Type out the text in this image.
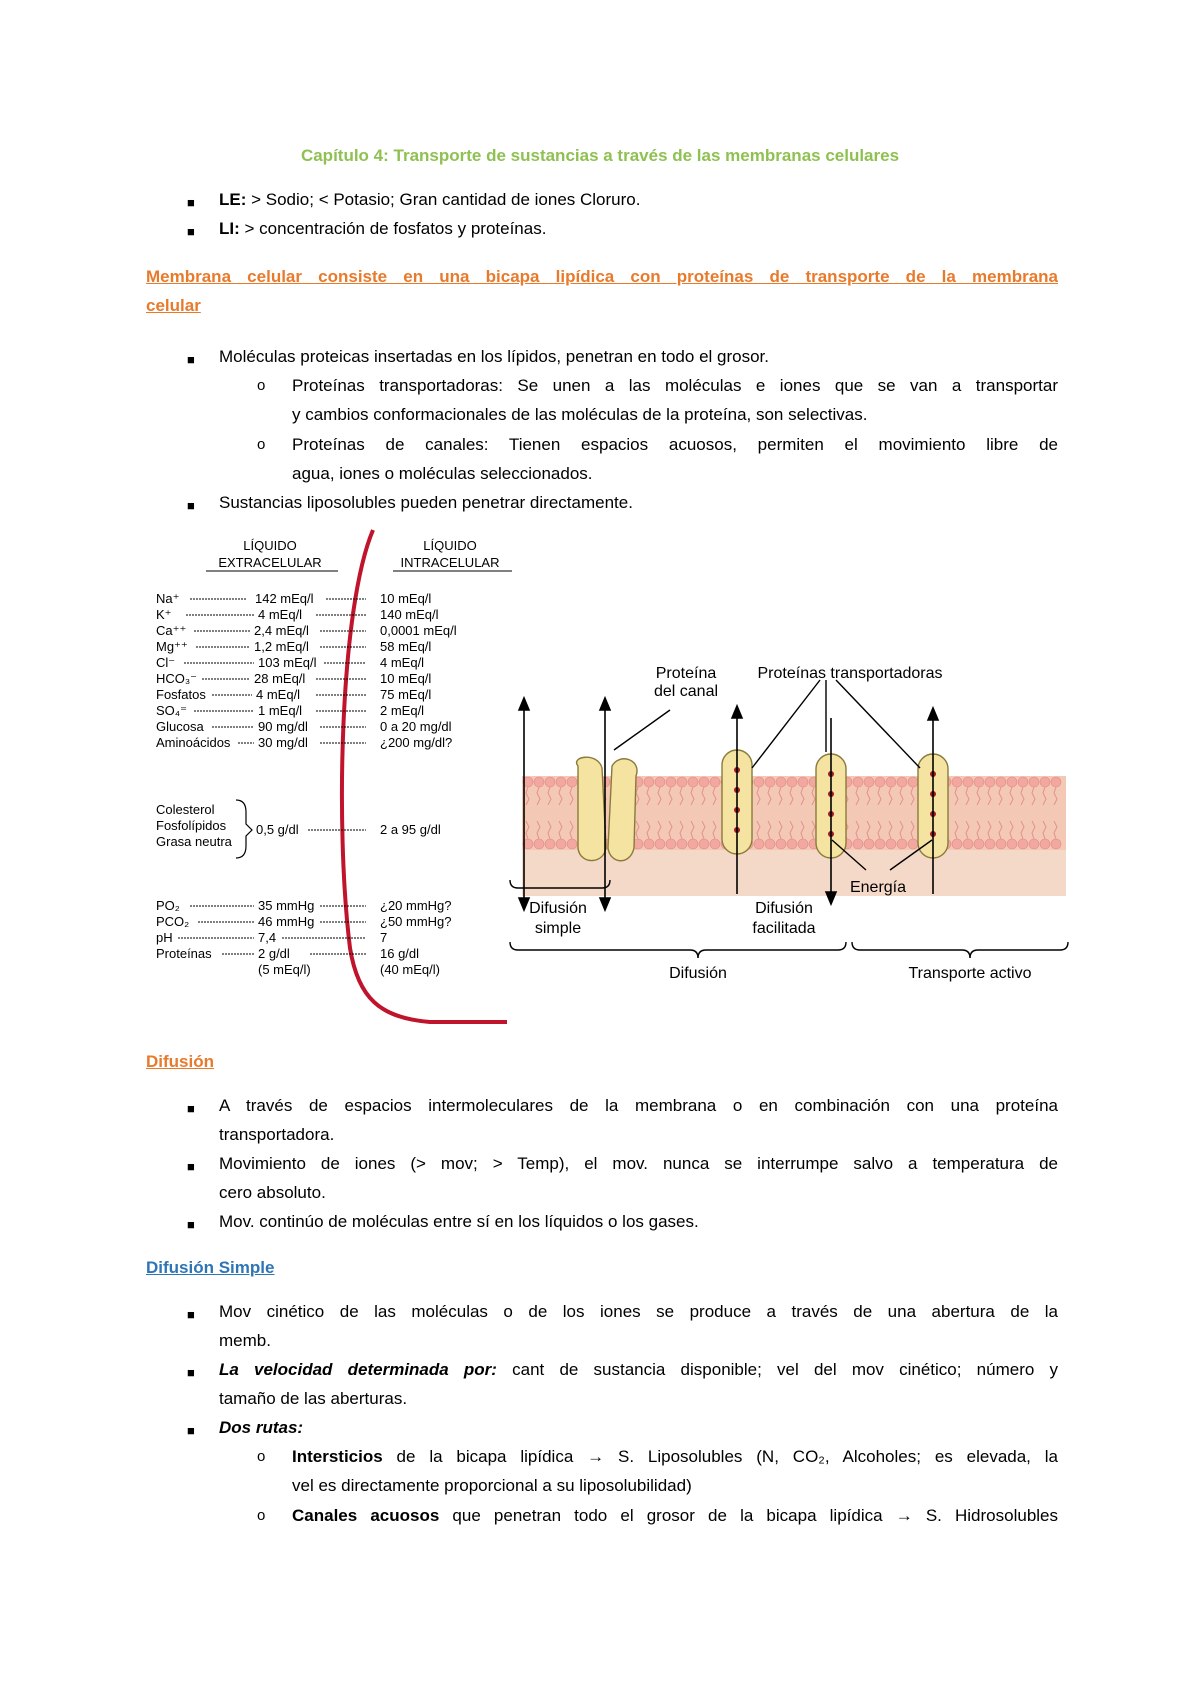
Capítulo 4: Transporte de sustancias a través de las membranas celulares
■ LE: > Sodio; < Potasio; Gran cantidad de iones Cloruro.
■ LI: > concentración de fosfatos y proteínas.
Membrana celular consiste en una bicapa lipídica con proteínas de transporte de la membrana
celular
■ Moléculas proteicas insertadas en los lípidos, penetran en todo el grosor.
o Proteínas transportadoras: Se unen a las moléculas e iones que se van a transportar
y cambios conformacionales de las moléculas de la proteína, son selectivas.
o Proteínas de canales: Tienen espacios acuosos, permiten el movimiento libre de
agua, iones o moléculas seleccionados.
■ Sustancias liposolubles pueden penetrar directamente.
LÍQUIDO
EXTRACELULAR
LÍQUIDO
INTRACELULAR
Na⁺	142 mEq/l	10 mEq/l
K⁺	4 mEq/l	140 mEq/l
Ca⁺⁺	2,4 mEq/l	0,0001 mEq/l
Mg⁺⁺	1,2 mEq/l	58 mEq/l
Cl⁻	103 mEq/l	4 mEq/l
HCO₃⁻	28 mEq/l	10 mEq/l
Fosfatos	4 mEq/l	75 mEq/l
SO₄⁼	1 mEq/l	2 mEq/l
Glucosa	90 mg/dl	0 a 20 mg/dl
Aminoácidos 30 mg/dl	¿200 mg/dl?
Colesterol
Fosfolípidos
Grasa neutra
0,5 g/dl	2 a 95 g/dl
PO₂	35 mmHg	¿20 mmHg?
PCO₂	46 mmHg	¿50 mmHg?
pH	7,4	7
Proteínas	2 g/dl	16 g/dl
(5 mEq/l)	(40 mEq/l)
Proteína
del canal
Proteínas transportadoras
Energía
Difusión
simple
Difusión
facilitada
Difusión	Transporte activo
Difusión
■ A través de espacios intermoleculares de la membrana o en combinación con una proteína
transportadora.
■ Movimiento de iones (> mov; > Temp), el mov. nunca se interrumpe salvo a temperatura de
cero absoluto.
■ Mov. continúo de moléculas entre sí en los líquidos o los gases.
Difusión Simple
■ Mov cinético de las moléculas o de los iones se produce a través de una abertura de la
memb.
■ La velocidad determinada por: cant de sustancia disponible; vel del mov cinético; número y
tamaño de las aberturas.
■ Dos rutas:
o Intersticios de la bicapa lipídica → S. Liposolubles (N, CO₂, Alcoholes; es elevada, la
vel es directamente proporcional a su liposolubilidad)
o Canales acuosos que penetran todo el grosor de la bicapa lipídica → S. Hidrosolubles
